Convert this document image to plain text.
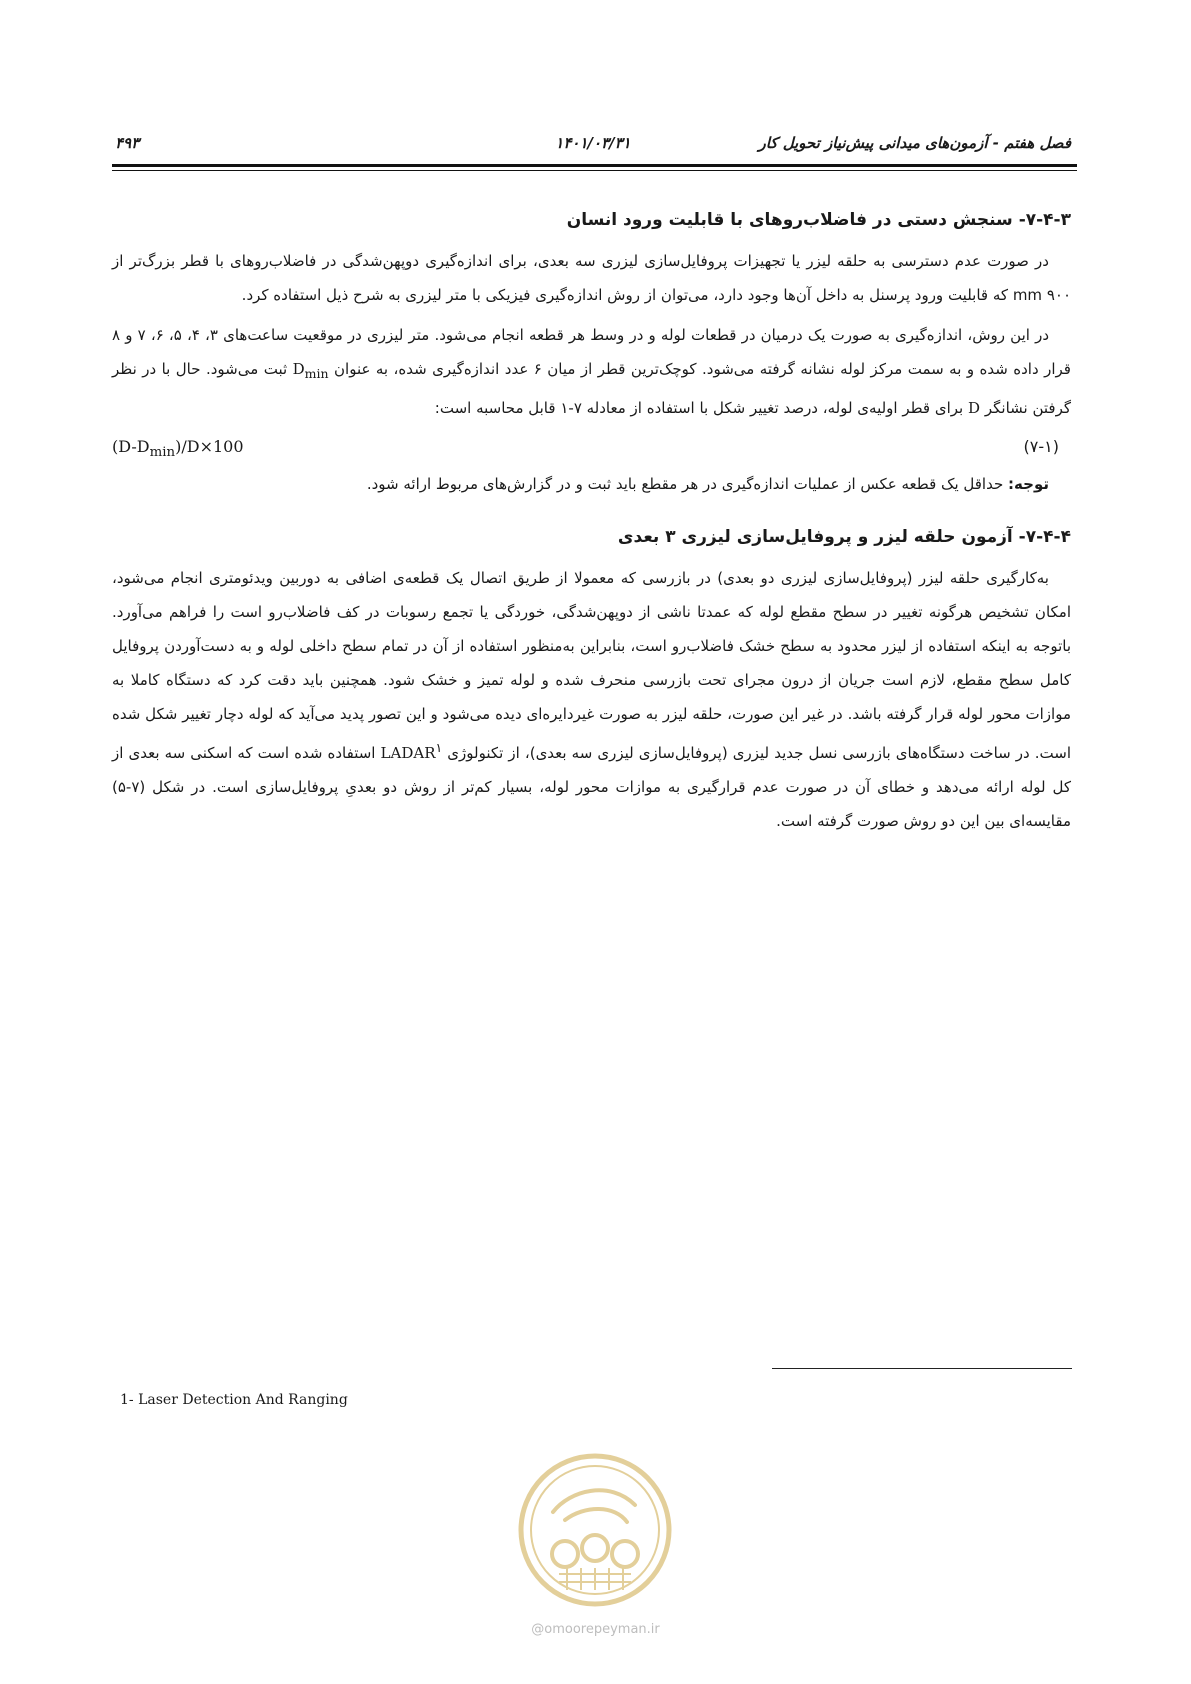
فصل هفتم - آزمون‌های میدانی پیش‌نیاز تحویل کار
۱۴۰۱/۰۳/۳۱
۴۹۳
۷-۴-۳- سنجش دستی در فاضلاب‌روهای با قابلیت ورود انسان

در صورت عدم دسترسی به حلقه لیزر یا تجهیزات پروفایل‌سازی لیزری سه بعدی، برای اندازه‌گیری دوپهن‌شدگی در فاضلاب‌روهای با قطر بزرگ‌تر از ۹۰۰ mm که قابلیت ورود پرسنل به داخل آن‌ها وجود دارد، می‌توان از روش اندازه‌گیری فیزیکی با متر لیزری به شرح ذیل استفاده کرد.

در این روش، اندازه‌گیری به صورت یک درمیان در قطعات لوله و در وسط هر قطعه انجام می‌شود. متر لیزری در موقعیت ساعت‌های ۳، ۴، ۵، ۶، ۷ و ۸ قرار داده شده و به سمت مرکز لوله نشانه گرفته می‌شود. کوچک‌ترین قطر از میان ۶ عدد اندازه‌گیری شده، به عنوان $D_{min}$ ثبت می‌شود. حال با در نظر گرفتن نشانگر D برای قطر اولیه‌ی لوله، درصد تغییر شکل با استفاده از معادله ۷-۱ قابل محاسبه است:

$(D-D_{min})/D\times 100$	(۷-۱)

توجه: حداقل یک قطعه عکس از عملیات اندازه‌گیری در هر مقطع باید ثبت و در گزارش‌های مربوط ارائه شود.

۷-۴-۴- آزمون حلقه لیزر و پروفایل‌سازی لیزری ۳ بعدی

به‌کارگیری حلقه لیزر (پروفایل‌سازی لیزری دو بعدی) در بازرسی که معمولا از طریق اتصال یک قطعه‌ی اضافی به دوربین ویدئومتری انجام می‌شود، امکان تشخیص هرگونه تغییر در سطح مقطع لوله که عمدتا ناشی از دوپهن‌شدگی، خوردگی یا تجمع رسوبات در کف فاضلاب‌رو است را فراهم می‌آورد. باتوجه به اینکه استفاده از لیزر محدود به سطح خشک فاضلاب‌رو است، بنابراین به‌منظور استفاده از آن در تمام سطح داخلی لوله و به دست‌آوردن پروفایل کامل سطح مقطع، لازم است جریان از درون مجرای تحت بازرسی منحرف شده و لوله تمیز و خشک شود. همچنین باید دقت کرد که دستگاه کاملا به موازات محور لوله قرار گرفته باشد. در غیر این صورت، حلقه لیزر به صورت غیردایره‌ای دیده می‌شود و این تصور پدید می‌آید که لوله دچار تغییر شکل شده است. در ساخت دستگاه‌های بازرسی نسل جدید لیزری (پروفایل‌سازی لیزری سه بعدی)، از تکنولوژی LADAR$^۱$ استفاده شده است که اسکنی سه بعدی از کل لوله ارائه می‌دهد و خطای آن در صورت عدم قرارگیری به موازات محور لوله، بسیار کم‌تر از روش دو بعدیِ پروفایل‌سازی است. در شکل (۷-۵) مقایسه‌ای بین این دو روش صورت گرفته است.

1- Laser Detection And Ranging
@omoorepeyman.ir
